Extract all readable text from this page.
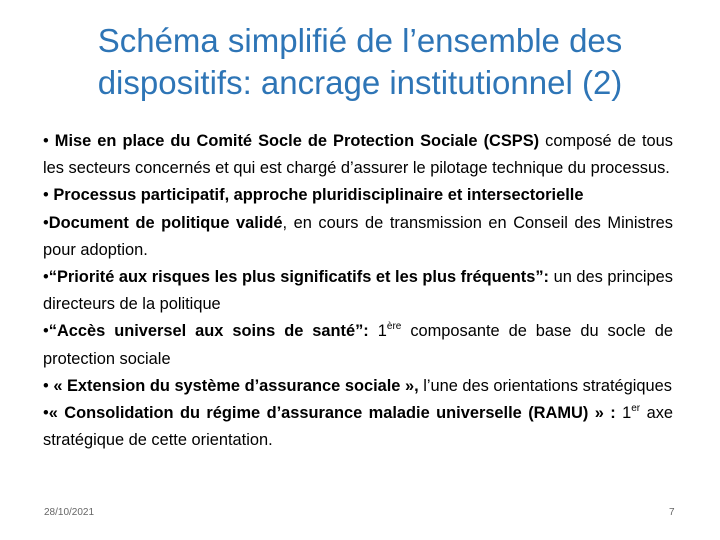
Schéma simplifié de l’ensemble des dispositifs: ancrage institutionnel (2)

• Mise en place du Comité Socle de Protection Sociale (CSPS) composé de tous les secteurs concernés et qui est chargé d’assurer le pilotage technique du processus.

• Processus participatif, approche pluridisciplinaire et intersectorielle

•Document de politique validé, en cours de transmission en Conseil des Ministres pour adoption.

•“Priorité aux risques les plus significatifs et les plus fréquents”: un des principes directeurs de la politique

•“Accès universel aux soins de santé”: 1ère composante de base du socle de protection sociale

• « Extension du système d’assurance sociale », l’une des orientations stratégiques

•« Consolidation du régime d’assurance maladie universelle (RAMU) » : 1er axe stratégique de cette orientation.

28/10/2021	7
